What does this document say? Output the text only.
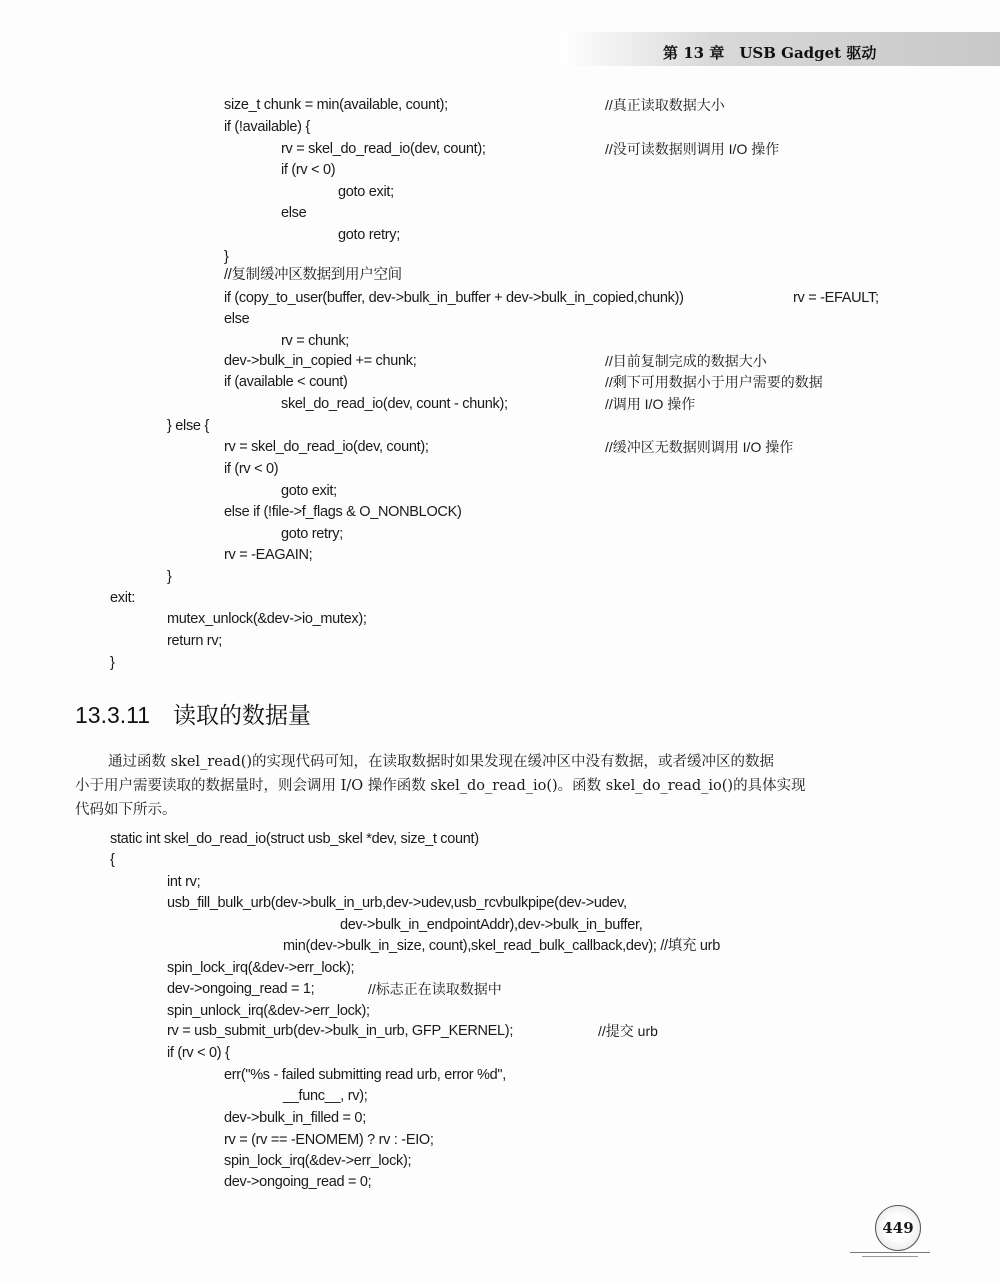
第 13 章　USB Gadget 驱动
size_t chunk = min(available, count);	//真正读取数据大小
if (!available) {
rv = skel_do_read_io(dev, count);	//没可读数据则调用 I/O 操作
if (rv < 0)
goto exit;
else
goto retry;
}
//复制缓冲区数据到用户空间
if (copy_to_user(buffer, dev->bulk_in_buffer + dev->bulk_in_copied,chunk))	rv = -EFAULT;
else
rv = chunk;
dev->bulk_in_copied += chunk;	//目前复制完成的数据大小
if (available < count)	//剩下可用数据小于用户需要的数据
skel_do_read_io(dev, count - chunk);	//调用 I/O 操作
} else {
rv = skel_do_read_io(dev, count);	//缓冲区无数据则调用 I/O 操作
if (rv < 0)
goto exit;
else if (!file->f_flags & O_NONBLOCK)
goto retry;
rv = -EAGAIN;
}
exit:
mutex_unlock(&dev->io_mutex);
return rv;
}
13.3.11　读取的数据量
通过函数 skel_read()的实现代码可知，在读取数据时如果发现在缓冲区中没有数据，或者缓冲区的数据
小于用户需要读取的数据量时，则会调用 I/O 操作函数 skel_do_read_io()。函数 skel_do_read_io()的具体实现
代码如下所示。
static int skel_do_read_io(struct usb_skel *dev, size_t count)
{
int rv;
usb_fill_bulk_urb(dev->bulk_in_urb,dev->udev,usb_rcvbulkpipe(dev->udev,
dev->bulk_in_endpointAddr),dev->bulk_in_buffer,
min(dev->bulk_in_size, count),skel_read_bulk_callback,dev); //填充 urb
spin_lock_irq(&dev->err_lock);
dev->ongoing_read = 1;	//标志正在读取数据中
spin_unlock_irq(&dev->err_lock);
rv = usb_submit_urb(dev->bulk_in_urb, GFP_KERNEL);	//提交 urb
if (rv < 0) {
err("%s - failed submitting read urb, error %d",
__func__, rv);
dev->bulk_in_filled = 0;
rv = (rv == -ENOMEM) ? rv : -EIO;
spin_lock_irq(&dev->err_lock);
dev->ongoing_read = 0;
449
